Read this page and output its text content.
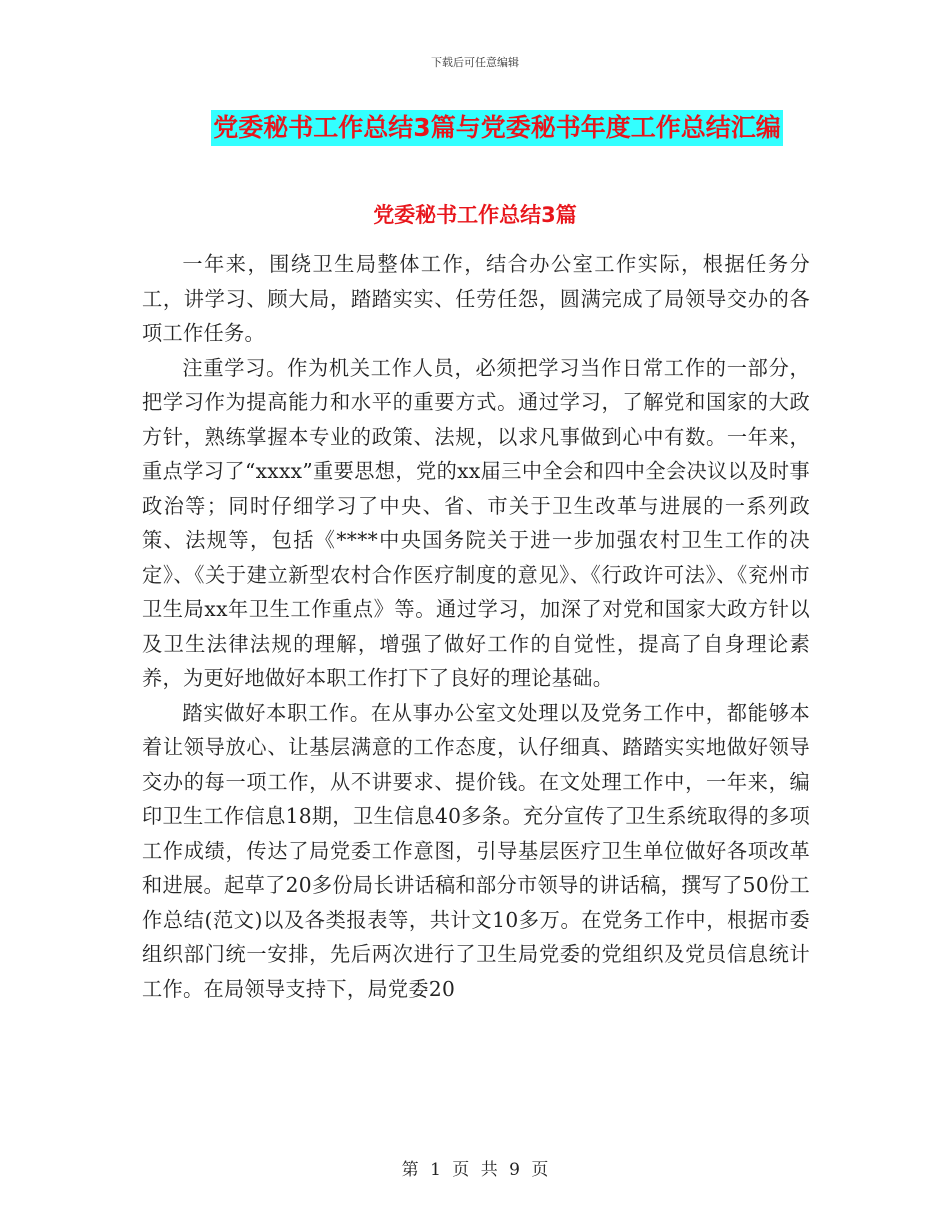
下载后可任意编辑
党委秘书工作总结3篇与党委秘书年度工作总结汇编
党委秘书工作总结3篇

一年来，围绕卫生局整体工作，结合办公室工作实际，根据任务分工，讲学习、顾大局，踏踏实实、任劳任怨，圆满完成了局领导交办的各项工作任务。

注重学习。作为机关工作人员，必须把学习当作日常工作的一部分，把学习作为提高能力和水平的重要方式。通过学习，了解党和国家的大政方针，熟练掌握本专业的政策、法规，以求凡事做到心中有数。一年来，重点学习了“xxxx”重要思想，党的xx届三中全会和四中全会决议以及时事政治等；同时仔细学习了中央、省、市关于卫生改革与进展的一系列政策、法规等，包括《****中央国务院关于进一步加强农村卫生工作的决定》、《关于建立新型农村合作医疗制度的意见》、《行政许可法》、《兖州市卫生局xx年卫生工作重点》等。通过学习，加深了对党和国家大政方针以及卫生法律法规的理解，增强了做好工作的自觉性，提高了自身理论素养，为更好地做好本职工作打下了良好的理论基础。

踏实做好本职工作。在从事办公室文处理以及党务工作中，都能够本着让领导放心、让基层满意的工作态度，认仔细真、踏踏实实地做好领导交办的每一项工作，从不讲要求、提价钱。在文处理工作中，一年来，编印卫生工作信息18期，卫生信息40多条。充分宣传了卫生系统取得的多项工作成绩，传达了局党委工作意图，引导基层医疗卫生单位做好各项改革和进展。起草了20多份局长讲话稿和部分市领导的讲话稿，撰写了50份工作总结(范文)以及各类报表等，共计文10多万。在党务工作中，根据市委组织部门统一安排，先后两次进行了卫生局党委的党组织及党员信息统计工作。在局领导支持下，局党委20

第 1 页 共 9 页
